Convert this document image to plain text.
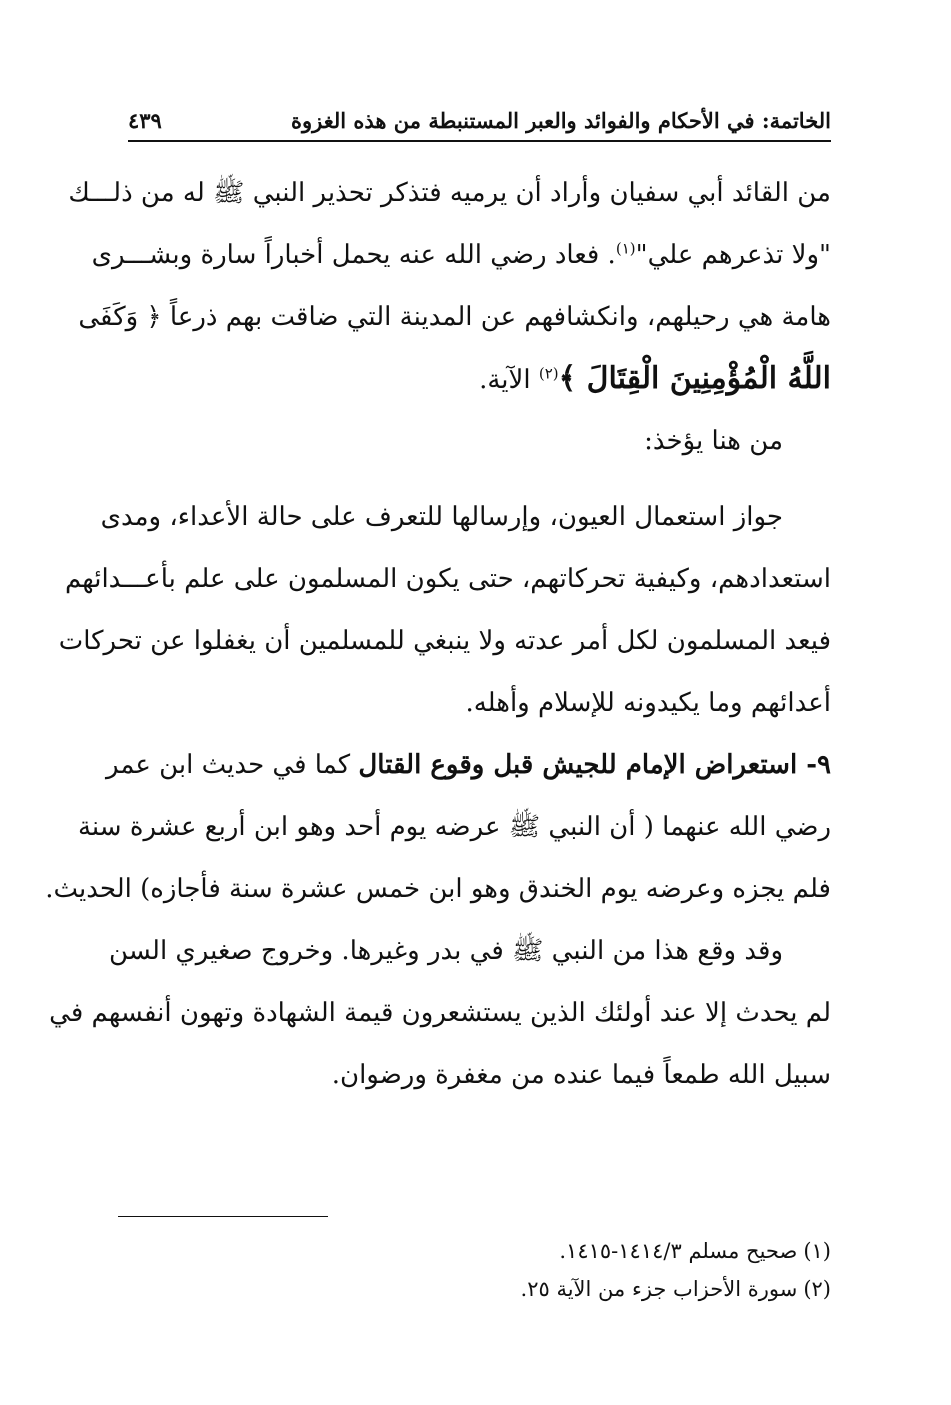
الخاتمة: في الأحكام والفوائد والعبر المستنبطة من هذه الغزوة
٤٣٩
من القائد أبي سفيان وأراد أن يرميه فتذكر تحذير النبي ﷺ له من ذلـــك
"ولا تذعرهم علي"$^{(١)}$. فعاد رضي الله عنه يحمل أخباراً سارة وبشـــرى
هامة هي رحيلهم، وانكشافهم عن المدينة التي ضاقت بهم ذرعاً ﴿ وَكَفَى
اللَّهُ الْمُؤْمِنِينَ الْقِتَالَ ﴾$^{(٢)}$ الآية.
من هنا يؤخذ:
جواز استعمال العيون، وإرسالها للتعرف على حالة الأعداء، ومدى
استعدادهم، وكيفية تحركاتهم، حتى يكون المسلمون على علم بأعـــدائهم
فيعد المسلمون لكل أمر عدته ولا ينبغي للمسلمين أن يغفلوا عن تحركات
أعدائهم وما يكيدونه للإسلام وأهله.
٩- استعراض الإمام للجيش قبل وقوع القتال كما في حديث ابن عمر
رضي الله عنهما ( أن النبي ﷺ عرضه يوم أحد وهو ابن أربع عشرة سنة
فلم يجزه وعرضه يوم الخندق وهو ابن خمس عشرة سنة فأجازه) الحديث.
وقد وقع هذا من النبي ﷺ في بدر وغيرها. وخروج صغيري السن
لم يحدث إلا عند أولئك الذين يستشعرون قيمة الشهادة وتهون أنفسهم في
سبيل الله طمعاً فيما عنده من مغفرة ورضوان.
(١)صحيح مسلم ١٤١٤/٣-١٤١٥.
(٢)سورة الأحزاب جزء من الآية ٢٥.
